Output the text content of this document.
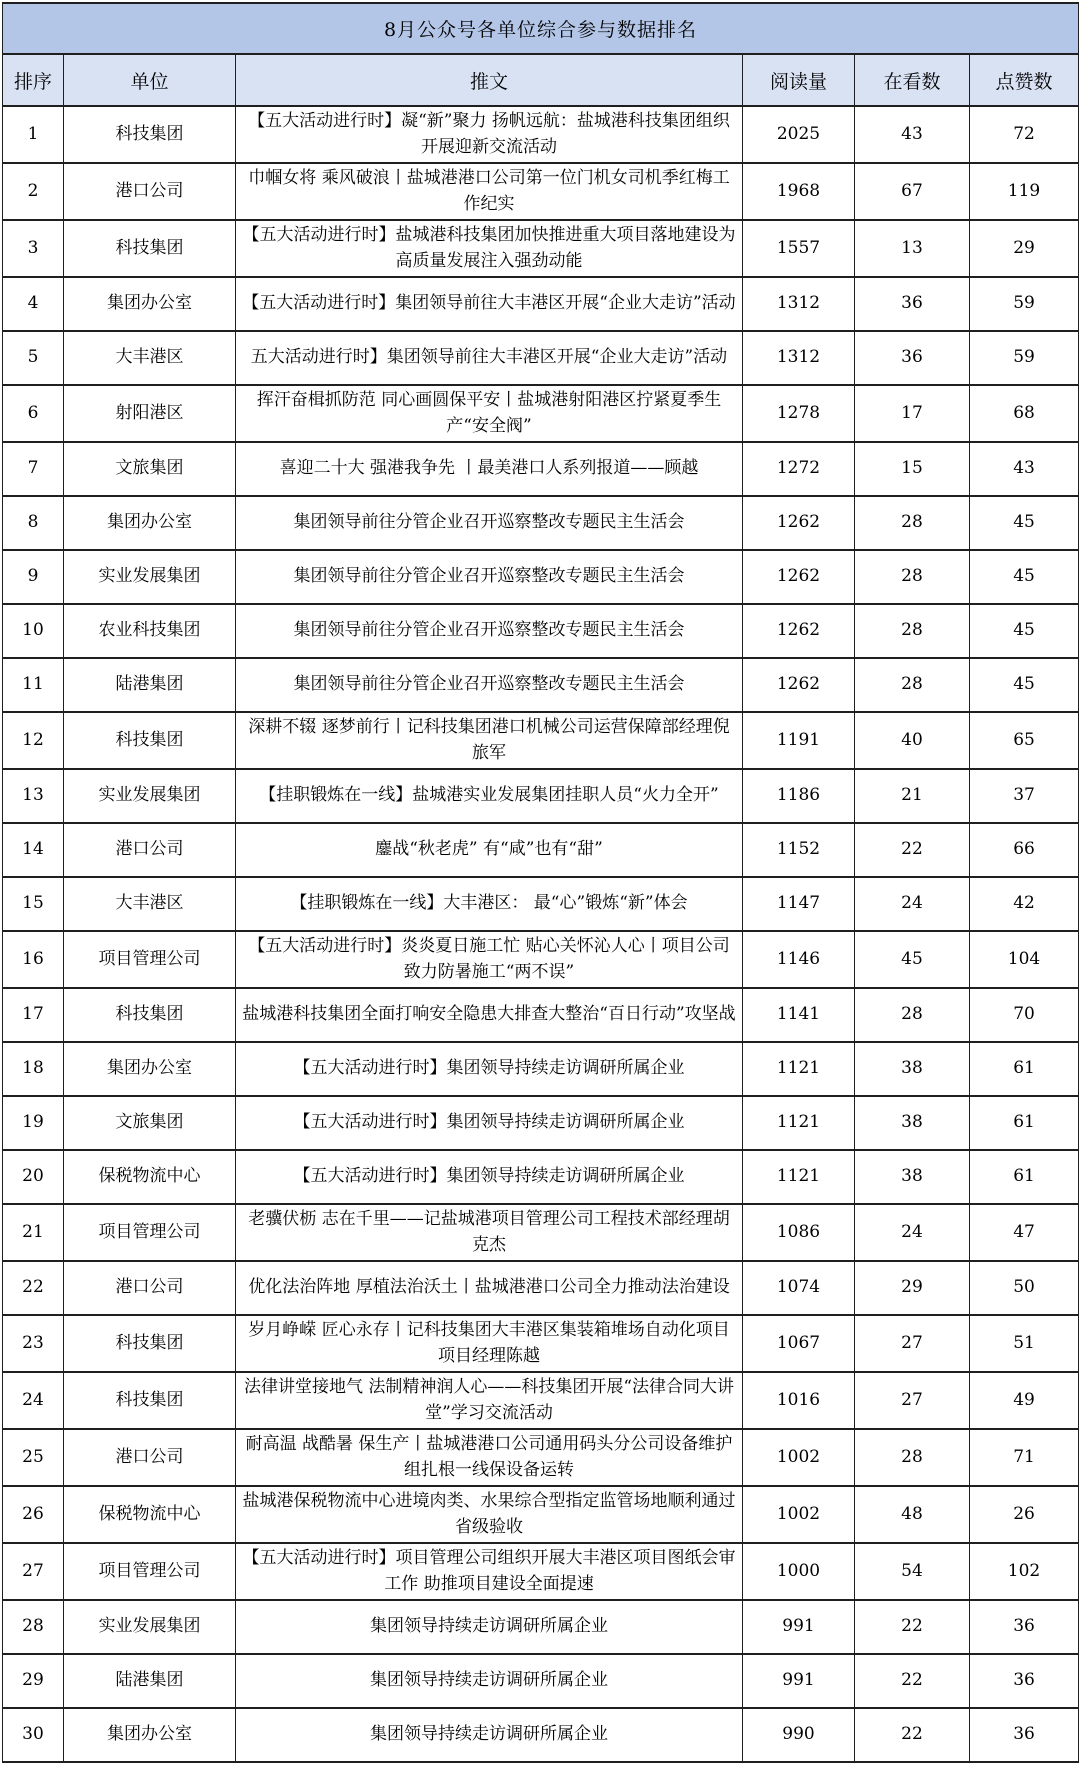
8月公众号各单位综合参与数据排名					
排序	单位	推文	阅读量	在看数	点赞数
1	科技集团	【五大活动进行时】凝“新”聚力 扬帆远航：盐城港科技集团组织开展迎新交流活动	2025	43	72
2	港口公司	巾帼女将 乘风破浪丨盐城港港口公司第一位门机女司机季红梅工作纪实	1968	67	119
3	科技集团	【五大活动进行时】盐城港科技集团加快推进重大项目落地建设为高质量发展注入强劲动能	1557	13	29
4	集团办公室	【五大活动进行时】集团领导前往大丰港区开展“企业大走访”活动	1312	36	59
5	大丰港区	五大活动进行时】集团领导前往大丰港区开展“企业大走访”活动	1312	36	59
6	射阳港区	挥汗奋楫抓防范 同心画圆保平安丨盐城港射阳港区拧紧夏季生产“安全阀”	1278	17	68
7	文旅集团	喜迎二十大 强港我争先 丨最美港口人系列报道——顾越	1272	15	43
8	集团办公室	集团领导前往分管企业召开巡察整改专题民主生活会	1262	28	45
9	实业发展集团	集团领导前往分管企业召开巡察整改专题民主生活会	1262	28	45
10	农业科技集团	集团领导前往分管企业召开巡察整改专题民主生活会	1262	28	45
11	陆港集团	集团领导前往分管企业召开巡察整改专题民主生活会	1262	28	45
12	科技集团	深耕不辍 逐梦前行丨记科技集团港口机械公司运营保障部经理倪旅军	1191	40	65
13	实业发展集团	【挂职锻炼在一线】盐城港实业发展集团挂职人员“火力全开”	1186	21	37
14	港口公司	鏖战“秋老虎” 有“咸”也有“甜”	1152	22	66
15	大丰港区	【挂职锻炼在一线】大丰港区： 最“心”锻炼“新”体会	1147	24	42
16	项目管理公司	【五大活动进行时】炎炎夏日施工忙 贴心关怀沁人心丨项目公司致力防暑施工“两不误”	1146	45	104
17	科技集团	盐城港科技集团全面打响安全隐患大排查大整治“百日行动”攻坚战	1141	28	70
18	集团办公室	【五大活动进行时】集团领导持续走访调研所属企业	1121	38	61
19	文旅集团	【五大活动进行时】集团领导持续走访调研所属企业	1121	38	61
20	保税物流中心	【五大活动进行时】集团领导持续走访调研所属企业	1121	38	61
21	项目管理公司	老骥伏枥 志在千里——记盐城港项目管理公司工程技术部经理胡克杰	1086	24	47
22	港口公司	优化法治阵地 厚植法治沃土丨盐城港港口公司全力推动法治建设	1074	29	50
23	科技集团	岁月峥嵘 匠心永存丨记科技集团大丰港区集装箱堆场自动化项目项目经理陈越	1067	27	51
24	科技集团	法律讲堂接地气 法制精神润人心——科技集团开展“法律合同大讲堂”学习交流活动	1016	27	49
25	港口公司	耐高温 战酷暑 保生产丨盐城港港口公司通用码头分公司设备维护组扎根一线保设备运转	1002	28	71
26	保税物流中心	盐城港保税物流中心进境肉类、水果综合型指定监管场地顺利通过省级验收	1002	48	26
27	项目管理公司	【五大活动进行时】项目管理公司组织开展大丰港区项目图纸会审工作 助推项目建设全面提速	1000	54	102
28	实业发展集团	集团领导持续走访调研所属企业	991	22	36
29	陆港集团	集团领导持续走访调研所属企业	991	22	36
30	集团办公室	集团领导持续走访调研所属企业	990	22	36
